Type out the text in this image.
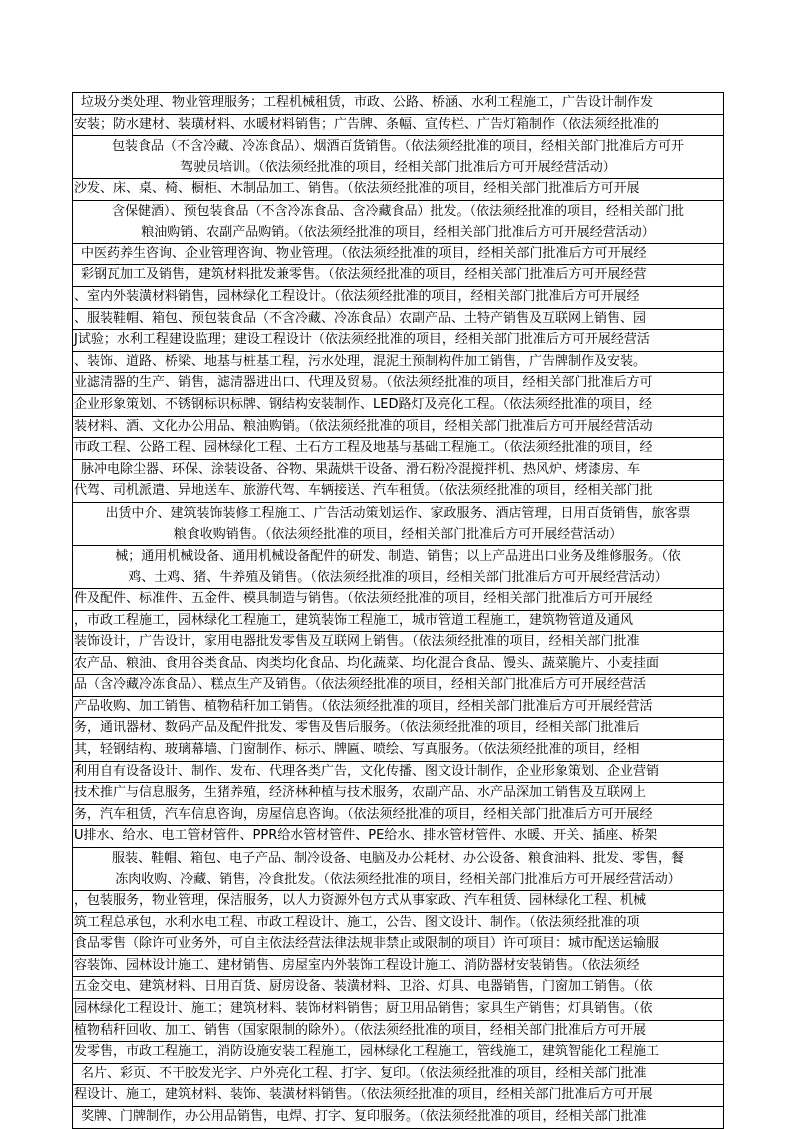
垃圾分类处理、物业管理服务；工程机械租赁，市政、公路、桥涵、水利工程施工，广告设计制作发
安装；防水建材、装璜材料、水暖材料销售；广告牌、条幅、宣传栏、广告灯箱制作（依法须经批准的
包装食品（不含冷藏、冷冻食品）、烟酒百货销售。（依法须经批准的项目，经相关部门批准后方可开
驾驶员培训。（依法须经批准的项目，经相关部门批准后方可开展经营活动）
沙发、床、桌、椅、橱柜、木制品加工、销售。（依法须经批准的项目，经相关部门批准后方可开展
含保健酒）、预包装食品（不含冷冻食品、含冷藏食品）批发。（依法须经批准的项目，经相关部门批
粮油购销、农副产品购销。（依法须经批准的项目，经相关部门批准后方可开展经营活动）
中医药养生咨询、企业管理咨询、物业管理。（依法须经批准的项目，经相关部门批准后方可开展经
彩钢瓦加工及销售，建筑材料批发兼零售。（依法须经批准的项目，经相关部门批准后方可开展经营
、室内外装潢材料销售，园林绿化工程设计。（依法须经批准的项目，经相关部门批准后方可开展经
、服装鞋帽、箱包、预包装食品（不含冷藏、冷冻食品）农副产品、土特产销售及互联网上销售、园
J试验；水利工程建设监理；建设工程设计（依法须经批准的项目，经相关部门批准后方可开展经营活
、装饰、道路、桥梁、地基与桩基工程，污水处理，混泥土预制构件加工销售，广告牌制作及安装。
业滤清器的生产、销售，滤清器进出口、代理及贸易。（依法须经批准的项目，经相关部门批准后方可
企业形象策划、不锈钢标识标牌、钢结构安装制作、LED路灯及亮化工程。（依法须经批准的项目，经
装材料、酒、文化办公用品、粮油购销。（依法须经批准的项目，经相关部门批准后方可开展经营活动
市政工程、公路工程、园林绿化工程、土石方工程及地基与基础工程施工。（依法须经批准的项目，经
脉冲电除尘器、环保、涂装设备、谷物、果蔬烘干设备、滑石粉冷混搅拌机、热风炉、烤漆房、车
代驾、司机派遣、异地送车、旅游代驾、车辆接送、汽车租赁。（依法须经批准的项目，经相关部门批
出赁中介、建筑装饰装修工程施工、广告活动策划运作、家政服务、酒店管理，日用百货销售，旅客票
粮食收购销售。（依法须经批准的项目，经相关部门批准后方可开展经营活动）
械；通用机械设备、通用机械设备配件的研发、制造、销售；以上产品进出口业务及维修服务。（依
鸡、土鸡、猪、牛养殖及销售。（依法须经批准的项目，经相关部门批准后方可开展经营活动）
件及配件、标准件、五金件、模具制造与销售。（依法须经批准的项目，经相关部门批准后方可开展经
，市政工程施工，园林绿化工程施工，建筑装饰工程施工，城市管道工程施工，建筑物管道及通风
装饰设计，广告设计，家用电器批发零售及互联网上销售。（依法须经批准的项目，经相关部门批准
农产品、粮油、食用谷类食品、肉类均化食品、均化蔬菜、均化混合食品、馒头、蔬菜脆片、小麦挂面
品（含冷藏冷冻食品）、糕点生产及销售。（依法须经批准的项目，经相关部门批准后方可开展经营活
产品收购、加工销售、植物秸秆加工销售。（依法须经批准的项目，经相关部门批准后方可开展经营活
务，通讯器材、数码产品及配件批发、零售及售后服务。（依法须经批准的项目，经相关部门批准后
其，轻钢结构、玻璃幕墙、门窗制作、标示、牌匾、喷绘、写真服务。（依法须经批准的项目，经相
利用自有设备设计、制作、发布、代理各类广告，文化传播、图文设计制作，企业形象策划、企业营销
技术推广与信息服务，生猪养殖，经济林种植与技术服务，农副产品、水产品深加工销售及互联网上
务，汽车租赁，汽车信息咨询，房屋信息咨询。（依法须经批准的项目，经相关部门批准后方可开展经
U排水、给水、电工管材管件、PPR给水管材管件、PE给水、排水管材管件、水暖、开关、插座、桥架
服装、鞋帽、箱包、电子产品、制冷设备、电脑及办公耗材、办公设备、粮食油料、批发、零售，餐
冻肉收购、冷藏、销售，冷食批发。（依法须经批准的项目，经相关部门批准后方可开展经营活动）
，包装服务，物业管理，保洁服务，以人力资源外包方式从事家政、汽车租赁、园林绿化工程、机械
筑工程总承包，水利水电工程、市政工程设计、施工，公告、图文设计、制作。（依法须经批准的项
食品零售（除许可业务外，可自主依法经营法律法规非禁止或限制的项目）许可项目：城市配送运输服
容装饰、园林设计施工、建材销售、房屋室内外装饰工程设计施工、消防器材安装销售。（依法须经
五金交电、建筑材料、日用百货、厨房设备、装潢材料、卫浴、灯具、电器销售，门窗加工销售。（依
园林绿化工程设计、施工；建筑材料、装饰材料销售；厨卫用品销售；家具生产销售；灯具销售。（依
植物秸秆回收、加工、销售（国家限制的除外）。（依法须经批准的项目，经相关部门批准后方可开展
发零售，市政工程施工，消防设施安装工程施工，园林绿化工程施工，管线施工，建筑智能化工程施工
名片、彩页、不干胶发光字、户外亮化工程、打字、复印。（依法须经批准的项目，经相关部门批准
程设计、施工，建筑材料、装饰、装潢材料销售。（依法须经批准的项目，经相关部门批准后方可开展
奖牌、门牌制作，办公用品销售，电焊、打字、复印服务。（依法须经批准的项目，经相关部门批准
